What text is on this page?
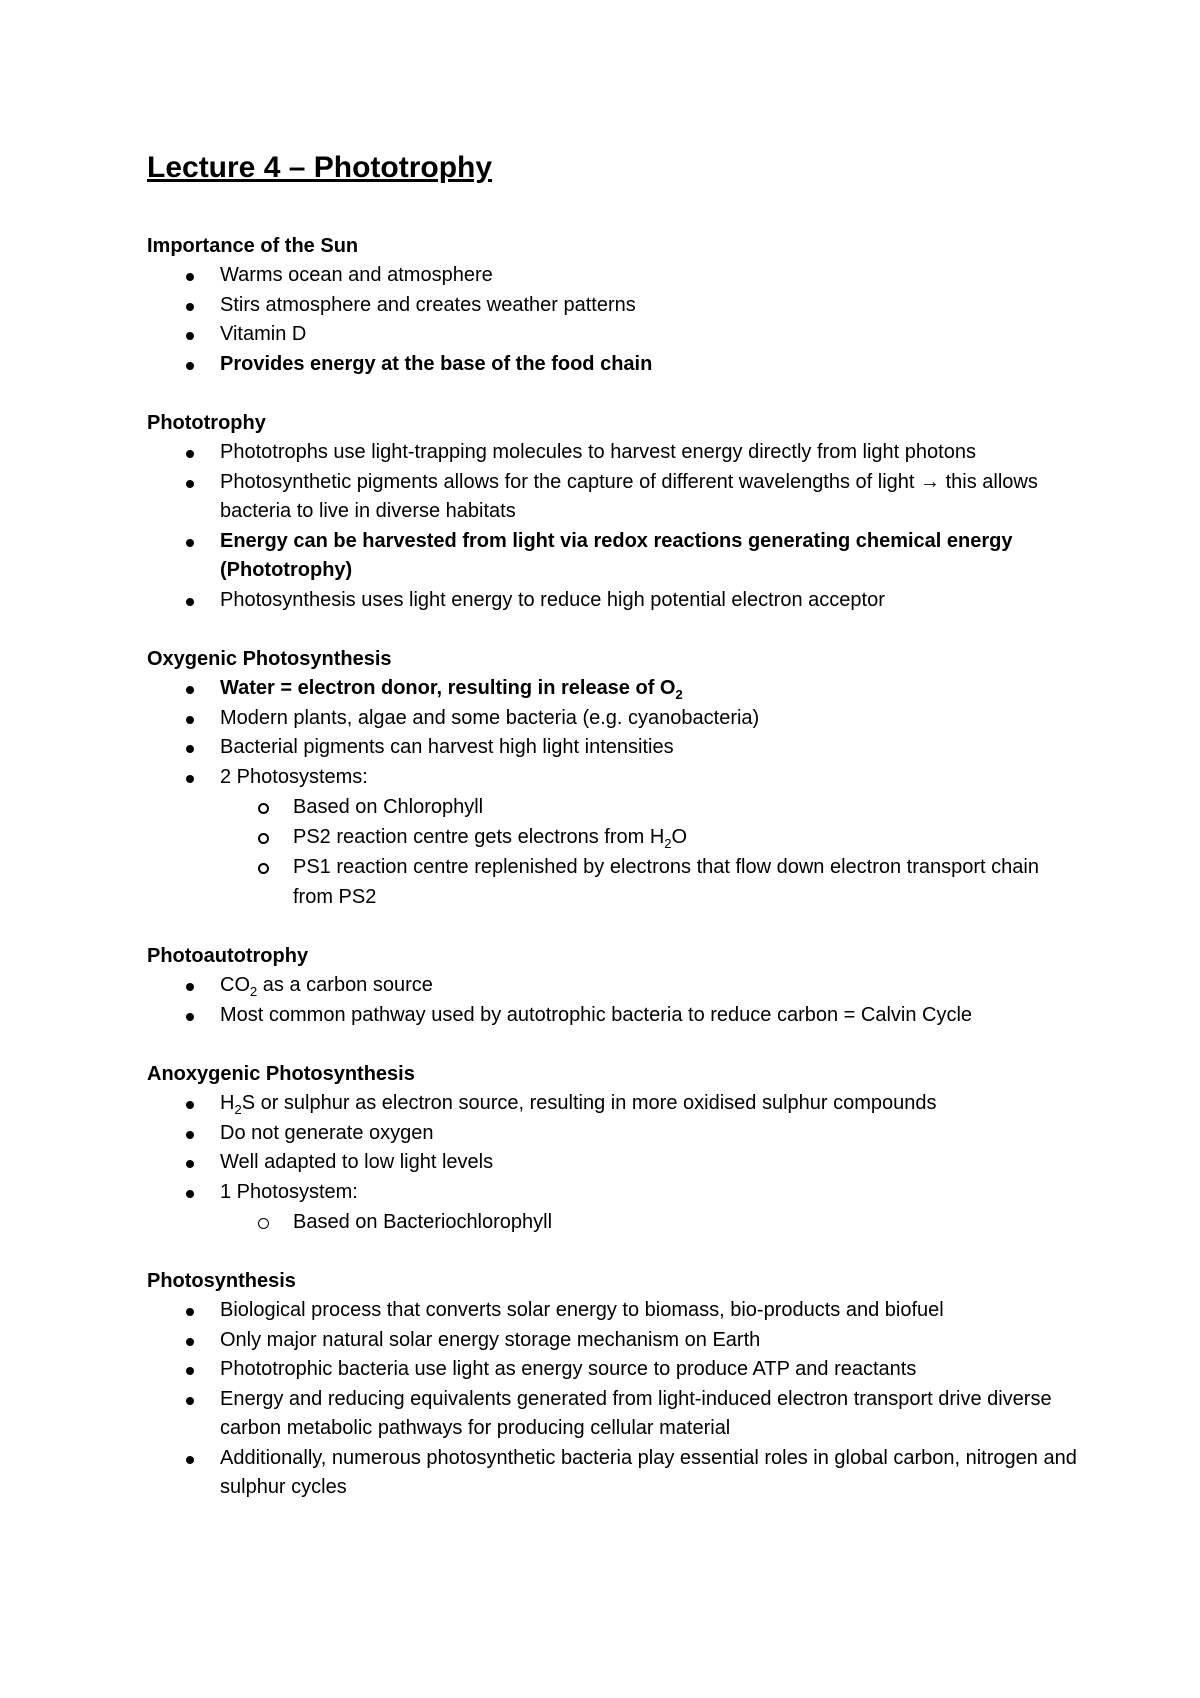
Lecture 4 – Phototrophy
Importance of the Sun
Warms ocean and atmosphere
Stirs atmosphere and creates weather patterns
Vitamin D
Provides energy at the base of the food chain
Phototrophy
Phototrophs use light-trapping molecules to harvest energy directly from light photons
Photosynthetic pigments allows for the capture of different wavelengths of light → this allows bacteria to live in diverse habitats
Energy can be harvested from light via redox reactions generating chemical energy (Phototrophy)
Photosynthesis uses light energy to reduce high potential electron acceptor
Oxygenic Photosynthesis
Water = electron donor, resulting in release of $O_2$
Modern plants, algae and some bacteria (e.g. cyanobacteria)
Bacterial pigments can harvest high light intensities
2 Photosystems:
Based on Chlorophyll
PS2 reaction centre gets electrons from $H_2O$
PS1 reaction centre replenished by electrons that flow down electron transport chain from PS2
Photoautotrophy
$CO_2$ as a carbon source
Most common pathway used by autotrophic bacteria to reduce carbon = Calvin Cycle
Anoxygenic Photosynthesis
$H_2S$ or sulphur as electron source, resulting in more oxidised sulphur compounds
Do not generate oxygen
Well adapted to low light levels
1 Photosystem:
Based on Bacteriochlorophyll
Photosynthesis
Biological process that converts solar energy to biomass, bio-products and biofuel
Only major natural solar energy storage mechanism on Earth
Phototrophic bacteria use light as energy source to produce ATP and reactants
Energy and reducing equivalents generated from light-induced electron transport drive diverse carbon metabolic pathways for producing cellular material
Additionally, numerous photosynthetic bacteria play essential roles in global carbon, nitrogen and sulphur cycles
